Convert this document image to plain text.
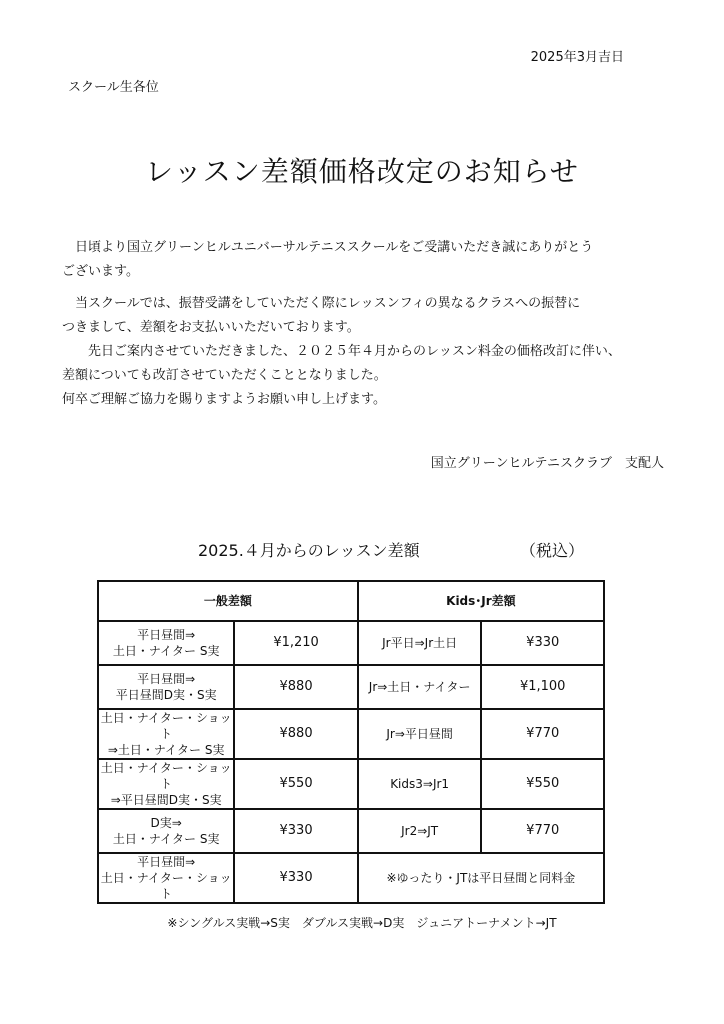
2025年3月吉日
スクール生各位
レッスン差額価格改定のお知らせ

　日頃より国立グリーンヒルユニバーサルテニススクールをご受講いただき誠にありがとう

ございます。

　当スクールでは、振替受講をしていただく際にレッスンフィの異なるクラスへの振替に

つきまして、差額をお支払いいただいております。

　　先日ご案内させていただきました、２０２５年４月からのレッスン料金の価格改訂に伴い、

差額についても改訂させていただくこととなりました。

何卒ご理解ご協力を賜りますようお願い申し上げます。

国立グリーンヒルテニスクラブ　支配人
2025.４月からのレッスン差額	（税込）
一般差額		Kids･Jr差額	
平日昼間⇒
土日・ナイター S実	¥1,210	Jr平日⇒Jr土日	¥330
平日昼間⇒
平日昼間D実・S実	¥880	Jr⇒土日・ナイター	¥1,100
土日・ナイター・ショット
⇒土日・ナイター S実	¥880	Jr⇒平日昼間	¥770
土日・ナイター・ショット
⇒平日昼間D実・S実	¥550	Kids3⇒Jr1	¥550
D実⇒
土日・ナイター S実	¥330	Jr2⇒JT	¥770
平日昼間⇒
土日・ナイター・ショット	¥330	※ゆったり・JTは平日昼間と同料金	
※シングルス実戦→S実　ダブルス実戦→D実　ジュニアトーナメント→JT
